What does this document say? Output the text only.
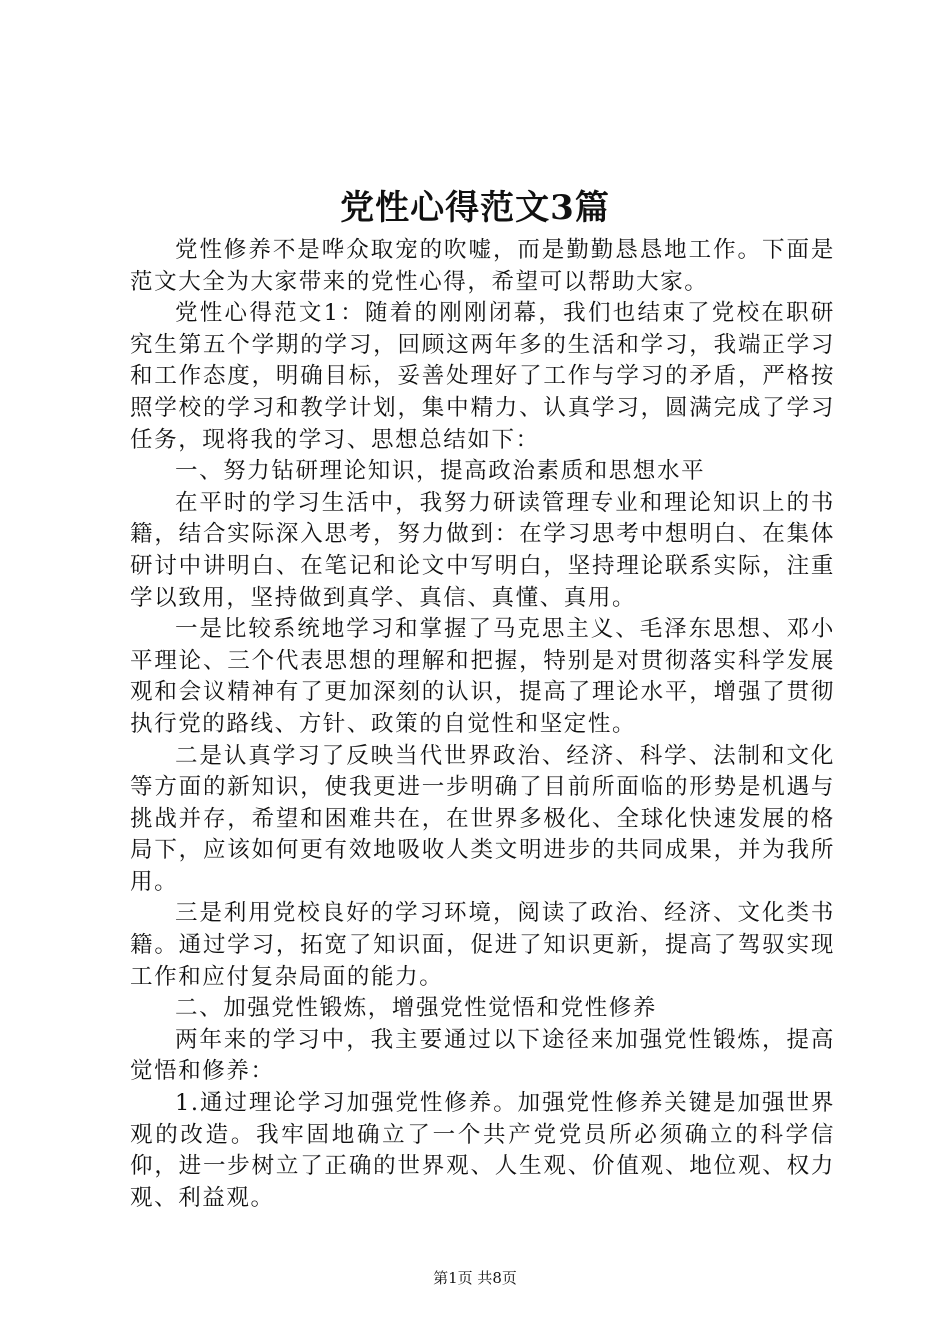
党性心得范文3篇

党性修养不是哗众取宠的吹嘘，而是勤勤恳恳地工作。下面是范文大全为大家带来的党性心得，希望可以帮助大家。

党性心得范文1：随着的刚刚闭幕，我们也结束了党校在职研究生第五个学期的学习，回顾这两年多的生活和学习，我端正学习和工作态度，明确目标，妥善处理好了工作与学习的矛盾，严格按照学校的学习和教学计划，集中精力、认真学习，圆满完成了学习任务，现将我的学习、思想总结如下：

一、努力钻研理论知识，提高政治素质和思想水平

在平时的学习生活中，我努力研读管理专业和理论知识上的书籍，结合实际深入思考，努力做到：在学习思考中想明白、在集体研讨中讲明白、在笔记和论文中写明白，坚持理论联系实际，注重学以致用，坚持做到真学、真信、真懂、真用。

一是比较系统地学习和掌握了马克思主义、毛泽东思想、邓小平理论、三个代表思想的理解和把握，特别是对贯彻落实科学发展观和会议精神有了更加深刻的认识，提高了理论水平，增强了贯彻执行党的路线、方针、政策的自觉性和坚定性。

二是认真学习了反映当代世界政治、经济、科学、法制和文化等方面的新知识，使我更进一步明确了目前所面临的形势是机遇与挑战并存，希望和困难共在，在世界多极化、全球化快速发展的格局下，应该如何更有效地吸收人类文明进步的共同成果，并为我所用。

三是利用党校良好的学习环境，阅读了政治、经济、文化类书籍。通过学习，拓宽了知识面，促进了知识更新，提高了驾驭实现工作和应付复杂局面的能力。

二、加强党性锻炼，增强党性觉悟和党性修养

两年来的学习中，我主要通过以下途径来加强党性锻炼，提高觉悟和修养：

1.通过理论学习加强党性修养。加强党性修养关键是加强世界观的改造。我牢固地确立了一个共产党党员所必须确立的科学信仰，进一步树立了正确的世界观、人生观、价值观、地位观、权力观、利益观。

第1页 共8页
